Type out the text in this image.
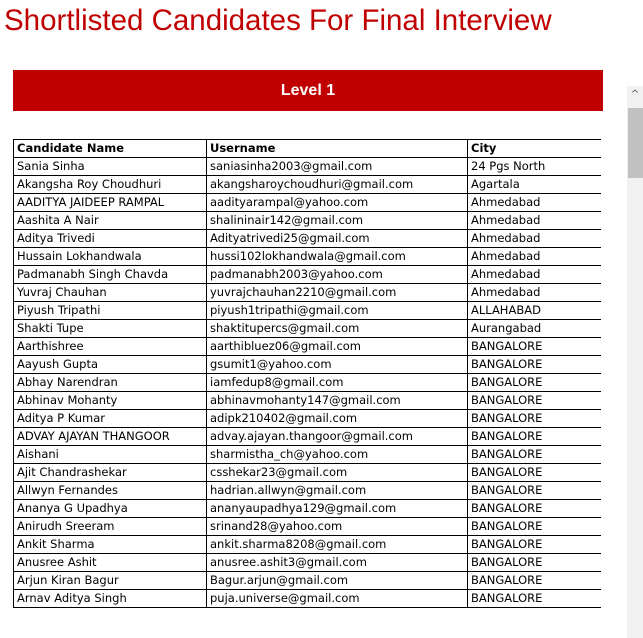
Shortlisted Candidates For Final Interview
Level 1
Candidate Name	Username	City
Sania Sinha	saniasinha2003@gmail.com	24 Pgs North
Akangsha Roy Choudhuri	akangsharoychoudhuri@gmail.com	Agartala
AADITYA JAIDEEP RAMPAL	aadityarampal@yahoo.com	Ahmedabad
Aashita A Nair	shalininair142@gmail.com	Ahmedabad
Aditya Trivedi	Adityatrivedi25@gmail.com	Ahmedabad
Hussain Lokhandwala	hussi102lokhandwala@gmail.com	Ahmedabad
Padmanabh Singh Chavda	padmanabh2003@yahoo.com	Ahmedabad
Yuvraj Chauhan	yuvrajchauhan2210@gmail.com	Ahmedabad
Piyush Tripathi	piyush1tripathi@gmail.com	ALLAHABAD
Shakti Tupe	shaktitupercs@gmail.com	Aurangabad
Aarthishree	aarthibluez06@gmail.com	BANGALORE
Aayush Gupta	gsumit1@yahoo.com	BANGALORE
Abhay Narendran	iamfedup8@gmail.com	BANGALORE
Abhinav Mohanty	abhinavmohanty147@gmail.com	BANGALORE
Aditya P Kumar	adipk210402@gmail.com	BANGALORE
ADVAY AJAYAN THANGOOR	advay.ajayan.thangoor@gmail.com	BANGALORE
Aishani	sharmistha_ch@yahoo.com	BANGALORE
Ajit Chandrashekar	csshekar23@gmail.com	BANGALORE
Allwyn Fernandes	hadrian.allwyn@gmail.com	BANGALORE
Ananya G Upadhya	ananyaupadhya129@gmail.com	BANGALORE
Anirudh Sreeram	srinand28@yahoo.com	BANGALORE
Ankit Sharma	ankit.sharma8208@gmail.com	BANGALORE
Anusree Ashit	anusree.ashit3@gmail.com	BANGALORE
Arjun Kiran Bagur	Bagur.arjun@gmail.com	BANGALORE
Arnav Aditya Singh	puja.universe@gmail.com	BANGALORE
^
